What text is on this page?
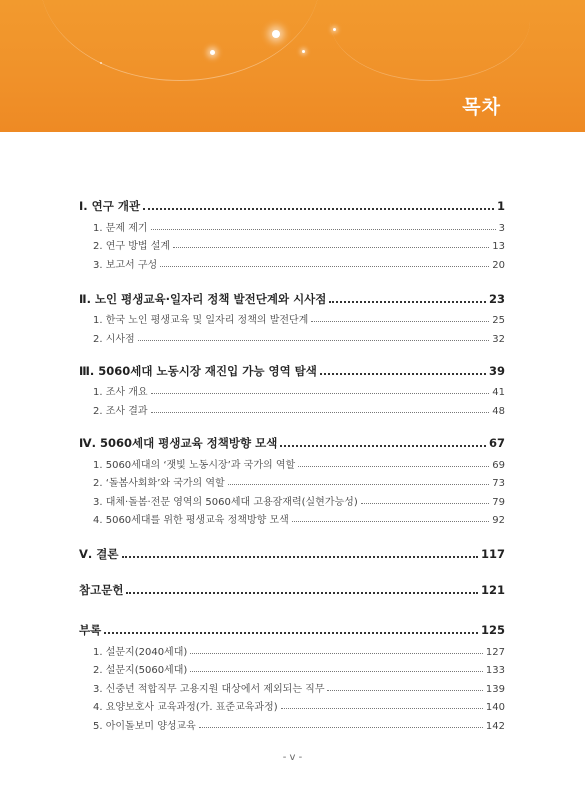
목차
Ⅰ. 연구 개관	1
1. 문제 제기	3
2. 연구 방법 설계	13
3. 보고서 구성	20
Ⅱ. 노인 평생교육·일자리 정책 발전단계와 시사점	23
1. 한국 노인 평생교육 및 일자리 정책의 발전단계	25
2. 시사점	32
Ⅲ. 5060세대 노동시장 재진입 가능 영역 탐색	39
1. 조사 개요	41
2. 조사 결과	48
Ⅳ. 5060세대 평생교육 정책방향 모색	67
1. 5060세대의 ‘잿빛 노동시장’과 국가의 역할	69
2. ‘돌봄사회화’와 국가의 역할	73
3. 대체·돌봄·전문 영역의 5060세대 고용잠재력(실현가능성)	79
4. 5060세대를 위한 평생교육 정책방향 모색	92
Ⅴ. 결론	117
참고문헌	121
부록	125
1. 설문지(2040세대)	127
2. 설문지(5060세대)	133
3. 신중년 적합직무 고용지원 대상에서 제외되는 직무	139
4. 요양보호사 교육과정(가. 표준교육과정)	140
5. 아이돌보미 양성교육	142
- v -
